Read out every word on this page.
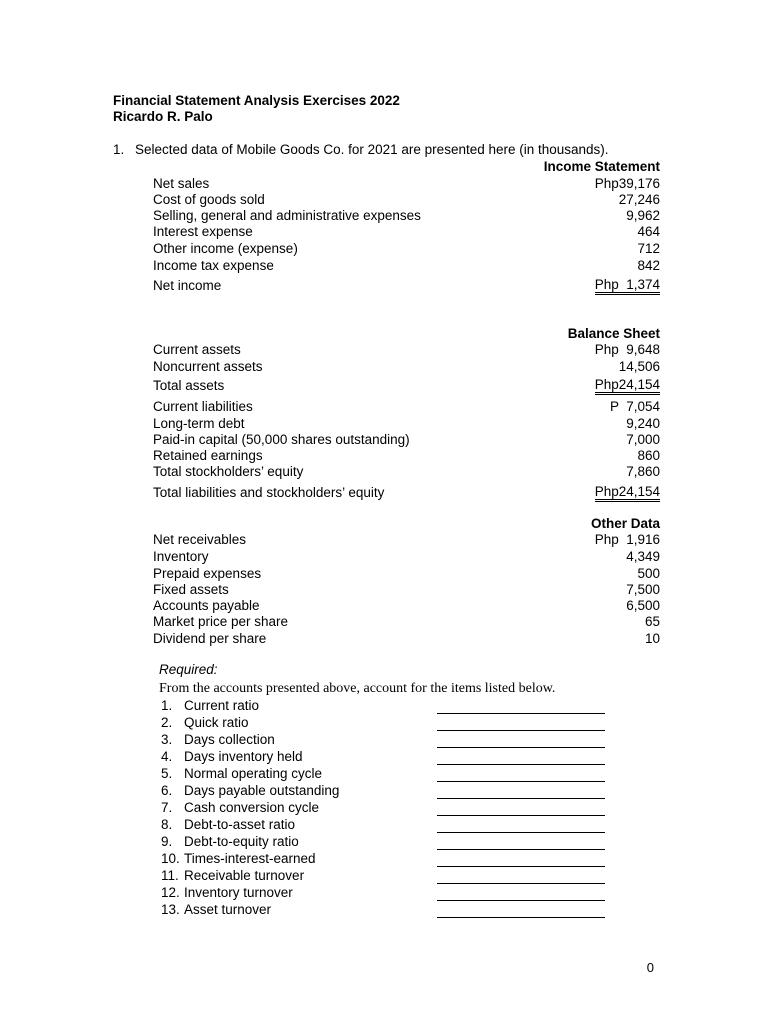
Financial Statement Analysis Exercises 2022
Ricardo R. Palo
1. Selected data of Mobile Goods Co. for 2021 are presented here (in thousands).
Income Statement
Net sales	Php39,176
Cost of goods sold	27,246
Selling, general and administrative expenses	9,962
Interest expense	464
Other income (expense)	712
Income tax expense	842
Net income	Php  1,374
Balance Sheet
Current assets	Php  9,648
Noncurrent assets	14,506
Total assets	Php24,154
Current liabilities	P  7,054
Long-term debt	9,240
Paid-in capital (50,000 shares outstanding)	7,000
Retained earnings	860
Total stockholders’ equity	7,860
Total liabilities and stockholders’ equity	Php24,154
Other Data
Net receivables	Php  1,916
Inventory	4,349
Prepaid expenses	500
Fixed assets	7,500
Accounts payable	6,500
Market price per share	65
Dividend per share	10
Required:
From the accounts presented above, account for the items listed below.
1. Current ratio
2. Quick ratio
3. Days collection
4. Days inventory held
5. Normal operating cycle
6. Days payable outstanding
7. Cash conversion cycle
8. Debt-to-asset ratio
9. Debt-to-equity ratio
10. Times-interest-earned
11. Receivable turnover
12. Inventory turnover
13. Asset turnover
0
